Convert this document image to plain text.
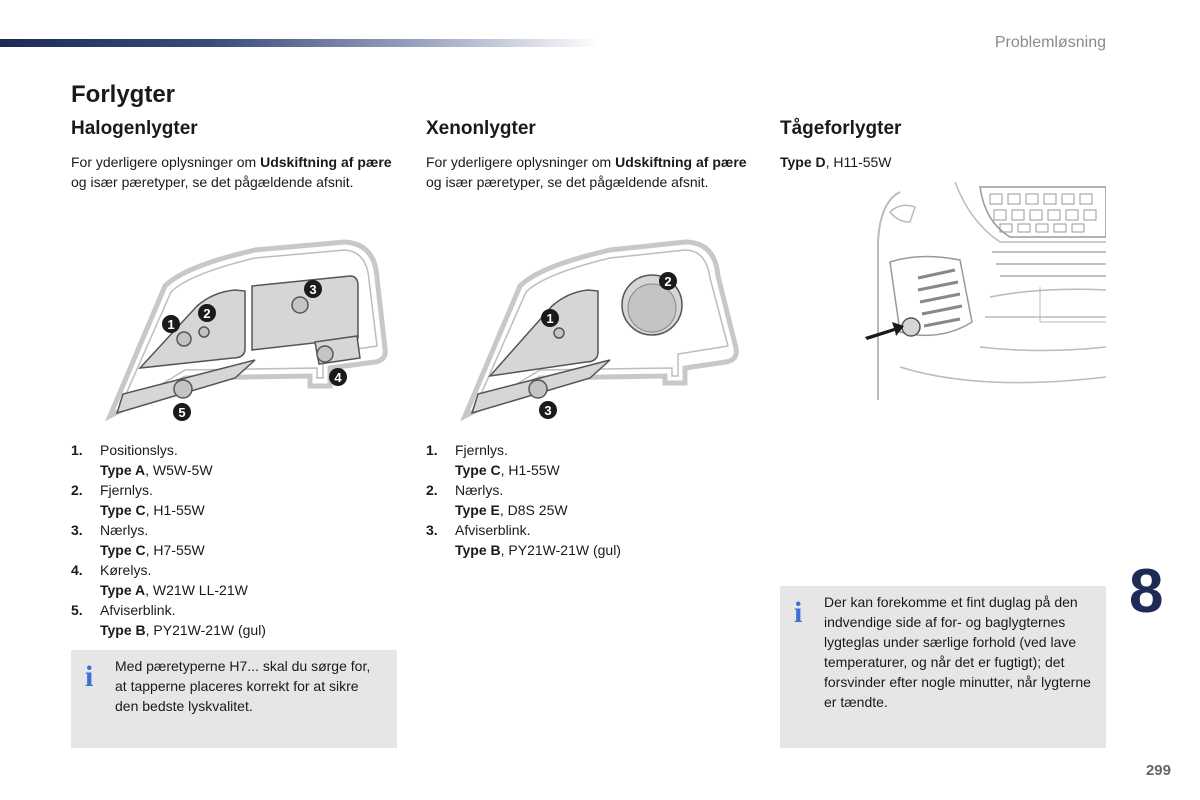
Problemløsning
Forlygter
Halogenlygter

For yderligere oplysninger om Udskiftning af pære og især pæretyper, se det pågældende afsnit.

1
2
3
4
5
1.	Positionslys.
Type A, W5W-5W
2.	Fjernlys.
Type C, H1-55W
3.	Nærlys.
Type C, H7-55W
4.	Kørelys.
Type A, W21W LL-21W
5.	Afviserblink.
Type B, PY21W-21W (gul)
i Med pæretyperne H7... skal du sørge for, at tapperne placeres korrekt for at sikre den bedste lyskvalitet.
Xenonlygter

For yderligere oplysninger om Udskiftning af pære og især pæretyper, se det pågældende afsnit.

1
2
3
1.	Fjernlys.
Type C, H1-55W
2.	Nærlys.
Type E, D8S 25W
3.	Afviserblink.
Type B, PY21W-21W (gul)
Tågeforlygter

Type D, H11-55W

i Der kan forekomme et fint duglag på den indvendige side af for- og baglygternes lygteglas under særlige forhold (ved lave temperaturer, og når det er fugtigt); det forsvinder efter nogle minutter, når lygterne er tændte.
8
299
